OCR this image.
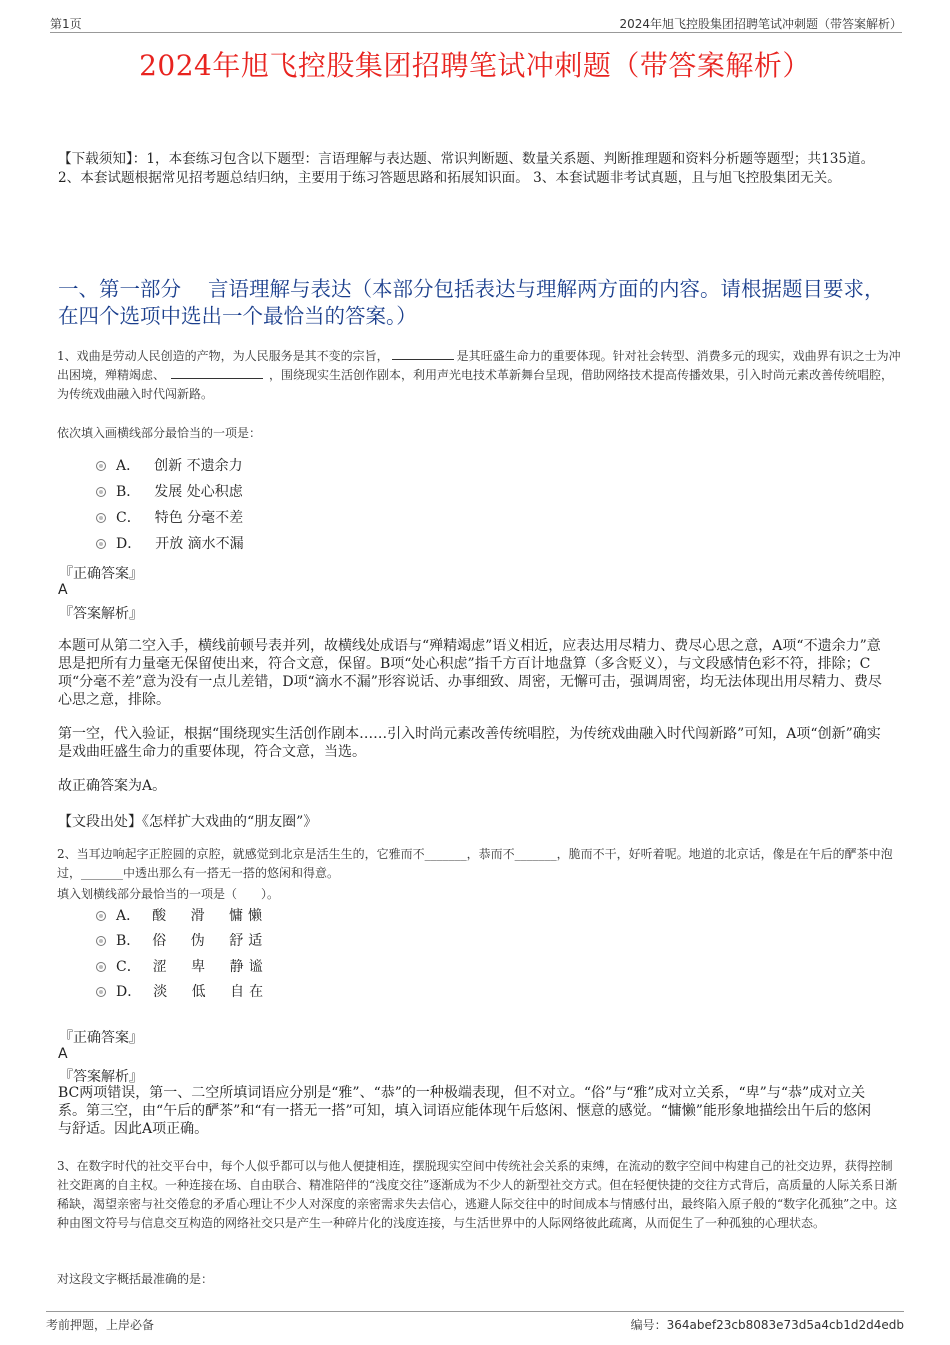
第1页	2024年旭飞控股集团招聘笔试冲刺题（带答案解析）
2024年旭飞控股集团招聘笔试冲刺题（带答案解析）

【下载须知】：1，本套练习包含以下题型：言语理解与表达题、常识判断题、数量关系题、判断推理题和资料分析题等题型；共135道。 2、本套试题根据常见招考题总结归纳，主要用于练习答题思路和拓展知识面。 3、本套试题非考试真题，且与旭飞控股集团无关。

一、第一部分　 言语理解与表达（本部分包括表达与理解两方面的内容。请根据题目要求，在四个选项中选出一个最恰当的答案。）

1、戏曲是劳动人民创造的产物，为人民服务是其不变的宗旨，	是其旺盛生命力的重要体现。针对社会转型、消费多元的现实，戏曲界有识之士为冲出困境，殚精竭虑、	，围绕现实生活创作剧本，利用声光电技术革新舞台呈现，借助网络技术提高传播效果，引入时尚元素改善传统唱腔，为传统戏曲融入时代闯新路。

依次填入画横线部分最恰当的一项是：

A． 创新 不遗余力
B． 发展 处心积虑
C． 特色 分毫不差
D． 开放 滴水不漏

『正确答案』

A

『答案解析』

本题可从第二空入手，横线前顿号表并列，故横线处成语与“殚精竭虑”语义相近，应表达用尽精力、费尽心思之意，A项“不遗余力”意思是把所有力量毫无保留使出来，符合文意，保留。B项“处心积虑”指千方百计地盘算（多含贬义），与文段感情色彩不符，排除；C项“分毫不差”意为没有一点儿差错，D项“滴水不漏”形容说话、办事细致、周密，无懈可击，强调周密，均无法体现出用尽精力、费尽心思之意，排除。

第一空，代入验证，根据“围绕现实生活创作剧本……引入时尚元素改善传统唱腔，为传统戏曲融入时代闯新路”可知，A项“创新”确实是戏曲旺盛生命力的重要体现，符合文意，当选。

故正确答案为A。

【文段出处】《怎样扩大戏曲的“朋友圈”》

2、当耳边响起字正腔圆的京腔，就感觉到北京是活生生的，它雅而不_______，恭而不_______，脆而不干，好听着呢。地道的北京话，像是在午后的酽茶中泡过，_______中透出那么有一搭无一搭的悠闲和得意。

填入划横线部分最恰当的一项是（　　）。

A． 酸 滑 慵懒
B． 俗 伪 舒适
C． 涩 卑 静谧
D． 淡 低 自在

『正确答案』

A

『答案解析』

BC两项错误，第一、二空所填词语应分别是“雅”、“恭”的一种极端表现，但不对立。“俗”与“雅”成对立关系，“卑”与“恭”成对立关系。第三空，由“午后的酽茶”和“有一搭无一搭”可知，填入词语应能体现午后悠闲、惬意的感觉。“慵懒”能形象地描绘出午后的悠闲与舒适。因此A项正确。

3、在数字时代的社交平台中，每个人似乎都可以与他人便捷相连，摆脱现实空间中传统社会关系的束缚，在流动的数字空间中构建自己的社交边界，获得控制社交距离的自主权。一种连接在场、自由联合、精准陪伴的“浅度交往”逐渐成为不少人的新型社交方式。但在轻便快捷的交往方式背后，高质量的人际关系日渐稀缺，渴望亲密与社交倦怠的矛盾心理让不少人对深度的亲密需求失去信心，逃避人际交往中的时间成本与情感付出，最终陷入原子般的“数字化孤独”之中。这种由图文符号与信息交互构造的网络社交只是产生一种碎片化的浅度连接，与生活世界中的人际网络彼此疏离，从而促生了一种孤独的心理状态。

对这段文字概括最准确的是：

考前押题，上岸必备	编号：364abef23cb8083e73d5a4cb1d2d4edb
